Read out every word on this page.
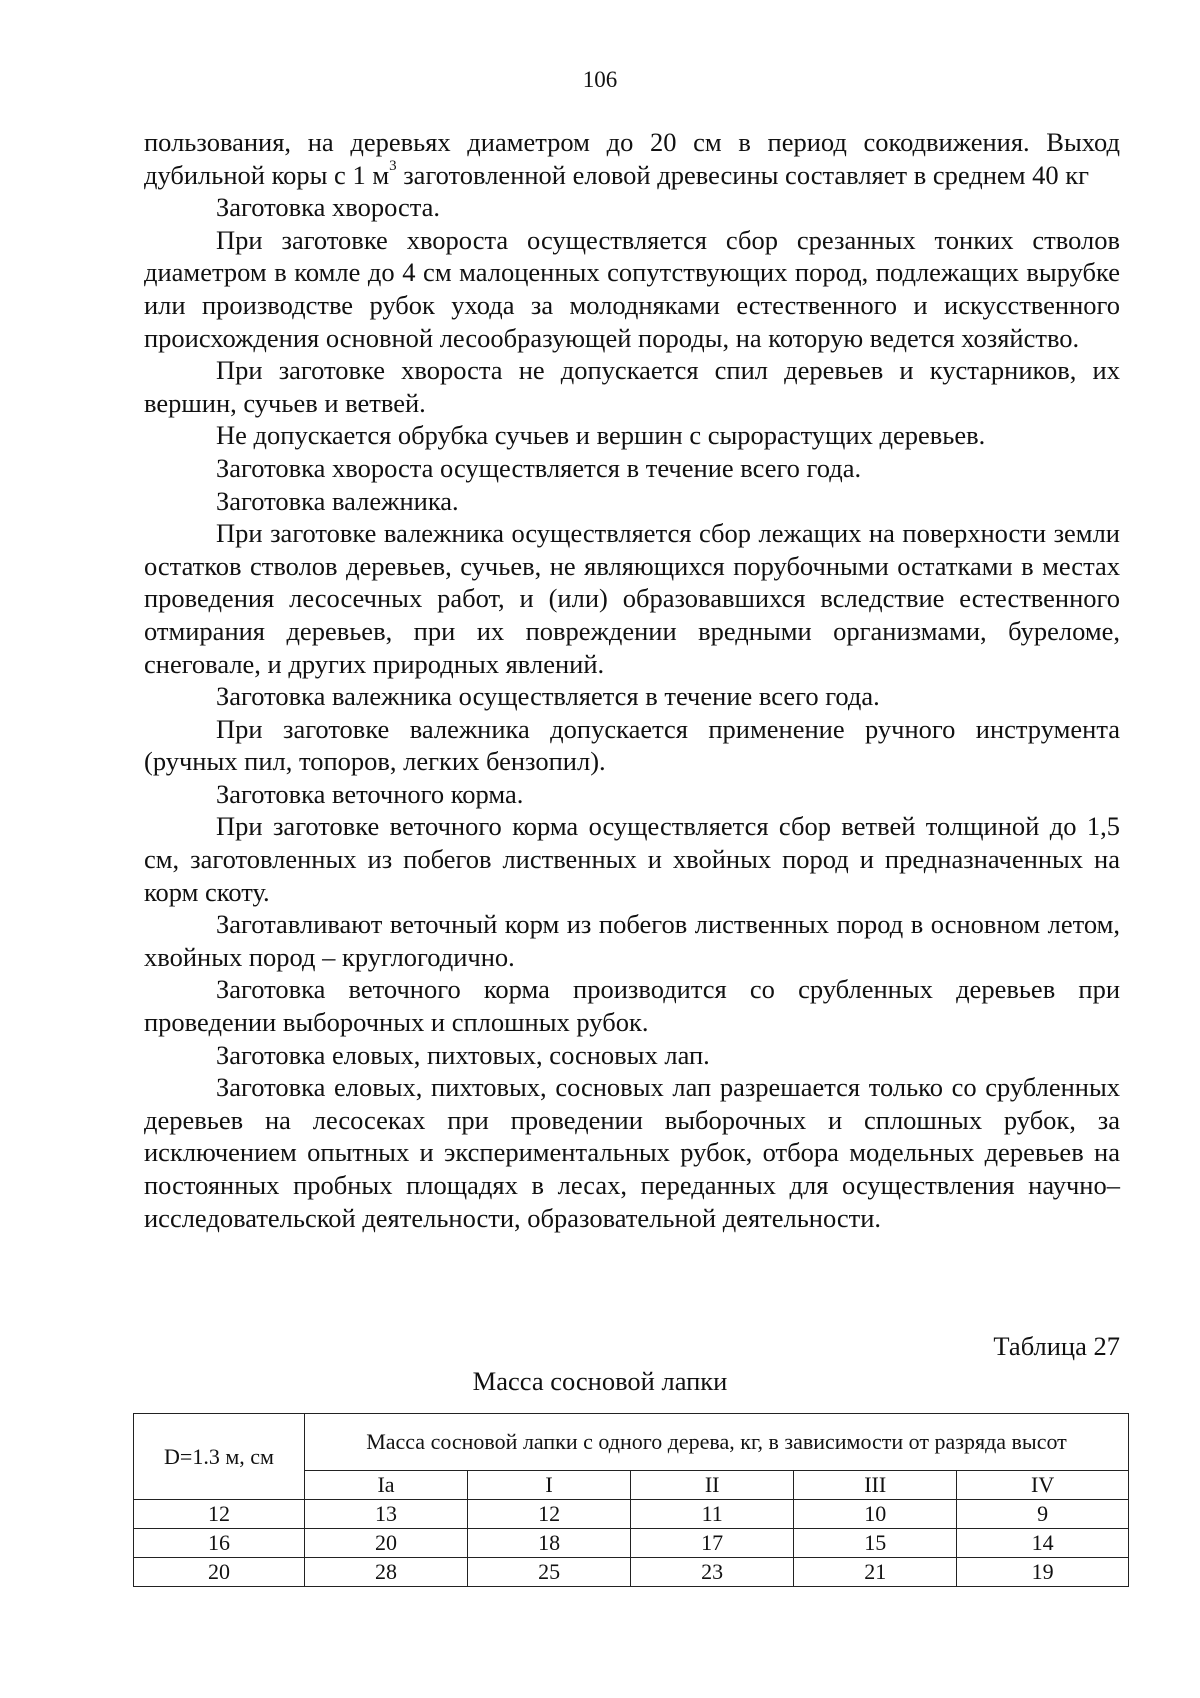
106

пользования, на деревьях диаметром до 20 см в период сокодвижения. Выход дубильной коры с 1 $м^3$ заготовленной еловой древесины составляет в среднем 40 кг

Заготовка хвороста.

При заготовке хвороста осуществляется сбор срезанных тонких стволов диаметром в комле до 4 см малоценных сопутствующих пород, подлежащих вырубке или производстве рубок ухода за молодняками естественного и искусственного происхождения основной лесообразующей породы, на которую ведется хозяйство.

При заготовке хвороста не допускается спил деревьев и кустарников, их вершин, сучьев и ветвей.

Не допускается обрубка сучьев и вершин с сырорастущих деревьев.

Заготовка хвороста осуществляется в течение всего года.

Заготовка валежника.

При заготовке валежника осуществляется сбор лежащих на поверхности земли остатков стволов деревьев, сучьев, не являющихся порубочными остатками в местах проведения лесосечных работ, и (или) образовавшихся вследствие естественного отмирания деревьев, при их повреждении вредными организмами, буреломе, снеговале, и других природных явлений.

Заготовка валежника осуществляется в течение всего года.

При заготовке валежника допускается применение ручного инструмента (ручных пил, топоров, легких бензопил).

Заготовка веточного корма.

При заготовке веточного корма осуществляется сбор ветвей толщиной до 1,5 см, заготовленных из побегов лиственных и хвойных пород и предназначенных на корм скоту.

Заготавливают веточный корм из побегов лиственных пород в основном летом, хвойных пород – круглогодично.

Заготовка веточного корма производится со срубленных деревьев при проведении выборочных и сплошных рубок.

Заготовка еловых, пихтовых, сосновых лап.

Заготовка еловых, пихтовых, сосновых лап разрешается только со срубленных деревьев на лесосеках при проведении выборочных и сплошных рубок, за исключением опытных и экспериментальных рубок, отбора модельных деревьев на постоянных пробных площадях в лесах, переданных для осуществления научно–исследовательской деятельности, образовательной деятельности.

Таблица 27
Масса сосновой лапки
D=1.3 м, см	Масса сосновой лапки с одного дерева, кг, в зависимости от разряда высот				
	Iа	I	II	III	IV
12	13	12	11	10	9
16	20	18	17	15	14
20	28	25	23	21	19
